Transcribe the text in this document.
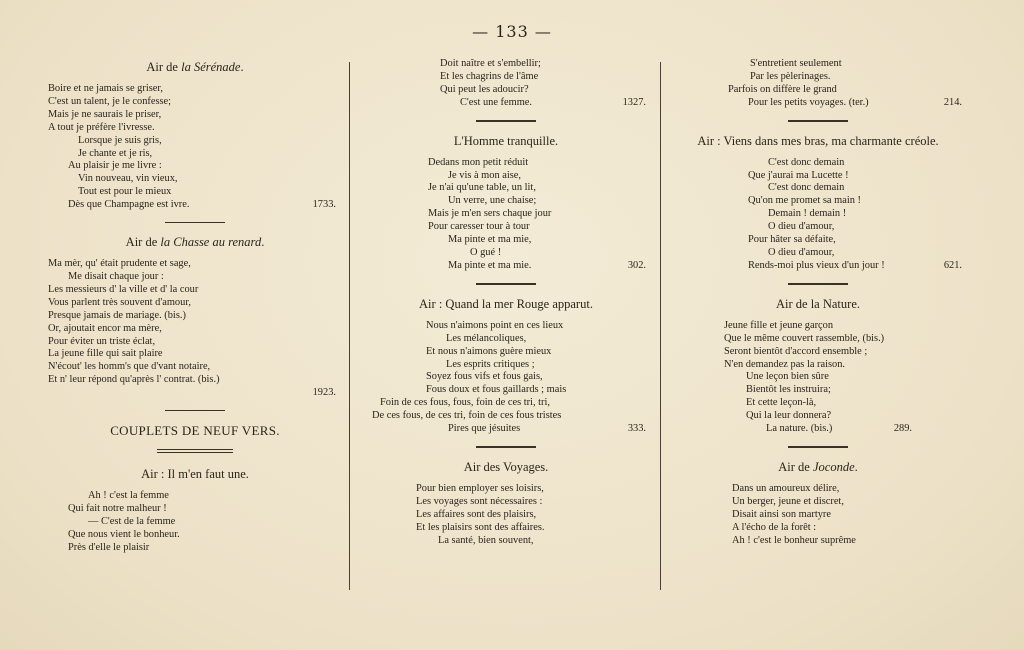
— 133 —
Air de la Sérénade.
Boire et ne jamais se griser,
C'est un talent, je le confesse;
Mais je ne saurais le priser,
A tout je préfère l'ivresse.
Lorsque je suis gris,
Je chante et je ris,
Au plaisir je me livre :
Vin nouveau, vin vieux,
Tout est pour le mieux
Dès que Champagne est ivre.	1733.
Air de la Chasse au renard.
Ma mèr, qu' était prudente et sage,
Me disait chaque jour :
Les messieurs d' la ville et d' la cour
Vous parlent très souvent d'amour,
Presque jamais de mariage. (bis.)
Or, ajoutait encor ma mère,
Pour éviter un triste éclat,
La jeune fille qui sait plaire
N'écout' les homm's que d'vant notaire,
Et n' leur répond qu'après l' contrat. (bis.)
1923.
COUPLETS DE NEUF VERS.
Air : Il m'en faut une.
Ah ! c'est la femme
Qui fait notre malheur !
— C'est de la femme
Que nous vient le bonheur.
Près d'elle le plaisir
Doit naître et s'embellir;
Et les chagrins de l'âme
Qui peut les adoucir?
C'est une femme.	1327.
L'Homme tranquille.
Dedans mon petit réduit
Je vis à mon aise,
Je n'ai qu'une table, un lit,
Un verre, une chaise;
Mais je m'en sers chaque jour
Pour caresser tour à tour
Ma pinte et ma mie,
O gué !
Ma pinte et ma mie.	302.
Air : Quand la mer Rouge apparut.
Nous n'aimons point en ces lieux
Les mélancoliques,
Et nous n'aimons guère mieux
Les esprits critiques ;
Soyez fous vifs et fous gais,
Fous doux et fous gaillards ; mais
Foin de ces fous, fous, foin de ces tri, tri,
De ces fous, de ces tri, foin de ces fous tristes
Pires que jésuites	333.
Air des Voyages.
Pour bien employer ses loisirs,
Les voyages sont nécessaires :
Les affaires sont des plaisirs,
Et les plaisirs sont des affaires.
La santé, bien souvent,
S'entretient seulement
Par les pèlerinages.
Parfois on diffère le grand
Pour les petits voyages. (ter.)	214.
Air : Viens dans mes bras, ma charmante créole.
C'est donc demain
Que j'aurai ma Lucette !
C'est donc demain
Qu'on me promet sa main !
Demain ! demain !
O dieu d'amour,
Pour hâter sa défaite,
O dieu d'amour,
Rends-moi plus vieux d'un jour !	621.
Air de la Nature.
Jeune fille et jeune garçon
Que le même couvert rassemble, (bis.)
Seront bientôt d'accord ensemble ;
N'en demandez pas la raison.
Une leçon bien sûre
Bientôt les instruira;
Et cette leçon-là,
Qui la leur donnera?
La nature. (bis.)	289.
Air de Joconde.
Dans un amoureux délire,
Un berger, jeune et discret,
Disait ainsi son martyre
A l'écho de la forêt :
Ah ! c'est le bonheur suprême
